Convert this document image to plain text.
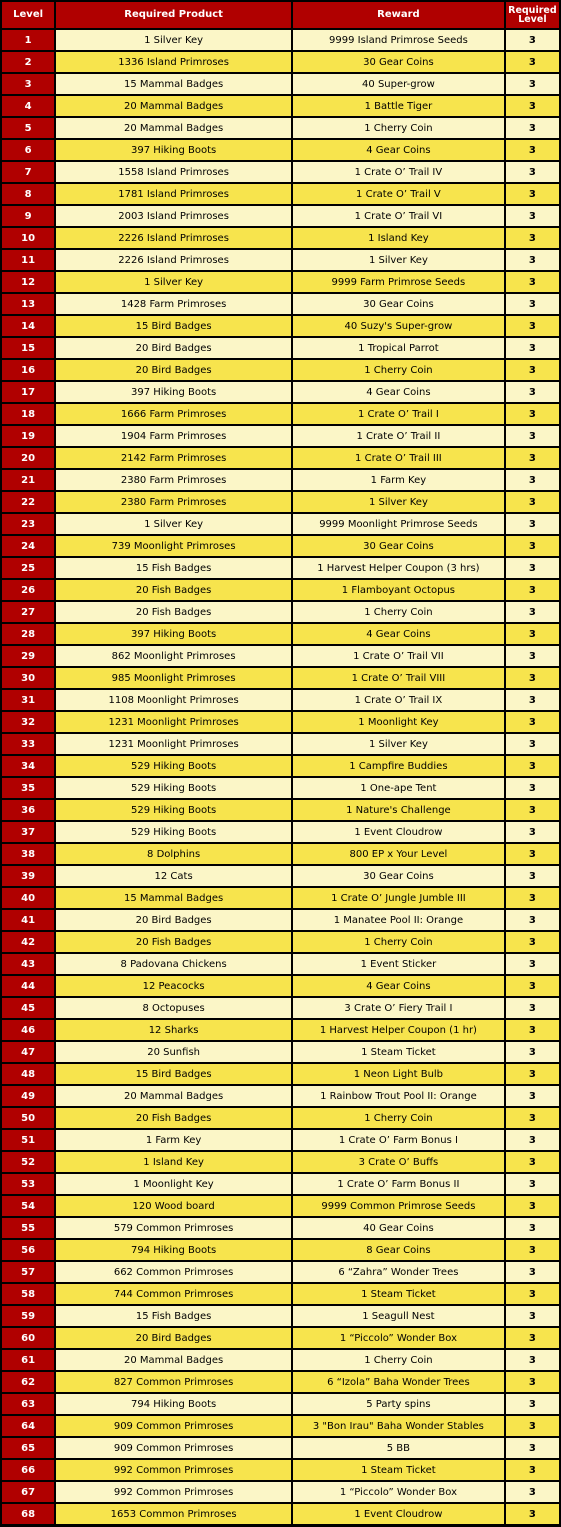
Level	Required Product	Reward	Required Level
1	1 Silver Key	9999 Island Primrose Seeds	3
2	1336 Island Primroses	30 Gear Coins	3
3	15 Mammal Badges	40 Super-grow	3
4	20 Mammal Badges	1 Battle Tiger	3
5	20 Mammal Badges	1 Cherry Coin	3
6	397 Hiking Boots	4 Gear Coins	3
7	1558 Island Primroses	1 Crate O’ Trail IV	3
8	1781 Island Primroses	1 Crate O’ Trail V	3
9	2003 Island Primroses	1 Crate O’ Trail VI	3
10	2226 Island Primroses	1 Island Key	3
11	2226 Island Primroses	1 Silver Key	3
12	1 Silver Key	9999 Farm Primrose Seeds	3
13	1428 Farm Primroses	30 Gear Coins	3
14	15 Bird Badges	40 Suzy's Super-grow	3
15	20 Bird Badges	1 Tropical Parrot	3
16	20 Bird Badges	1 Cherry Coin	3
17	397 Hiking Boots	4 Gear Coins	3
18	1666 Farm Primroses	1 Crate O’ Trail I	3
19	1904 Farm Primroses	1 Crate O’ Trail II	3
20	2142 Farm Primroses	1 Crate O’ Trail III	3
21	2380 Farm Primroses	1 Farm Key	3
22	2380 Farm Primroses	1 Silver Key	3
23	1 Silver Key	9999 Moonlight Primrose Seeds	3
24	739 Moonlight Primroses	30 Gear Coins	3
25	15 Fish Badges	1 Harvest Helper Coupon (3 hrs)	3
26	20 Fish Badges	1 Flamboyant Octopus	3
27	20 Fish Badges	1 Cherry Coin	3
28	397 Hiking Boots	4 Gear Coins	3
29	862 Moonlight Primroses	1 Crate O’ Trail VII	3
30	985 Moonlight Primroses	1 Crate O’ Trail VIII	3
31	1108 Moonlight Primroses	1 Crate O’ Trail IX	3
32	1231 Moonlight Primroses	1 Moonlight Key	3
33	1231 Moonlight Primroses	1 Silver Key	3
34	529 Hiking Boots	1 Campfire Buddies	3
35	529 Hiking Boots	1 One-ape Tent	3
36	529 Hiking Boots	1 Nature's Challenge	3
37	529 Hiking Boots	1 Event Cloudrow	3
38	8 Dolphins	800 EP x Your Level	3
39	12 Cats	30 Gear Coins	3
40	15 Mammal Badges	1 Crate O’ Jungle Jumble III	3
41	20 Bird Badges	1 Manatee Pool II: Orange	3
42	20 Fish Badges	1 Cherry Coin	3
43	8 Padovana Chickens	1 Event Sticker	3
44	12 Peacocks	4 Gear Coins	3
45	8 Octopuses	3 Crate O’ Fiery Trail I	3
46	12 Sharks	1 Harvest Helper Coupon (1 hr)	3
47	20 Sunfish	1 Steam Ticket	3
48	15 Bird Badges	1 Neon Light Bulb	3
49	20 Mammal Badges	1 Rainbow Trout Pool II: Orange	3
50	20 Fish Badges	1 Cherry Coin	3
51	1 Farm Key	1 Crate O’ Farm Bonus I	3
52	1 Island Key	3 Crate O’ Buffs	3
53	1 Moonlight Key	1 Crate O’ Farm Bonus II	3
54	120 Wood board	9999 Common Primrose Seeds	3
55	579 Common Primroses	40 Gear Coins	3
56	794 Hiking Boots	8 Gear Coins	3
57	662 Common Primroses	6 “Zahra” Wonder Trees	3
58	744 Common Primroses	1 Steam Ticket	3
59	15 Fish Badges	1 Seagull Nest	3
60	20 Bird Badges	1 “Piccolo” Wonder Box	3
61	20 Mammal Badges	1 Cherry Coin	3
62	827 Common Primroses	6 “Izola” Baha Wonder Trees	3
63	794 Hiking Boots	5 Party spins	3
64	909 Common Primroses	3 "Bon Irau" Baha Wonder Stables	3
65	909 Common Primroses	5 BB	3
66	992 Common Primroses	1 Steam Ticket	3
67	992 Common Primroses	1 “Piccolo” Wonder Box	3
68	1653 Common Primroses	1 Event Cloudrow	3
